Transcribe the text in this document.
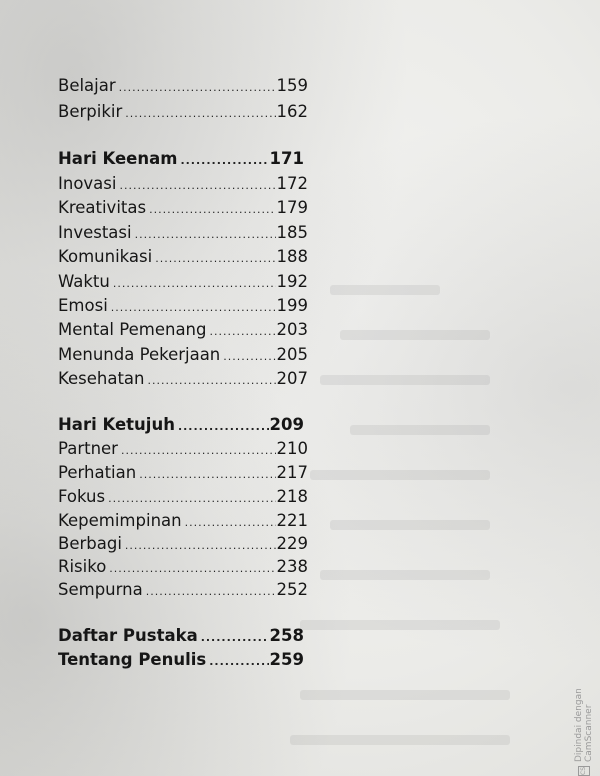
Belajar .....	159
Berpikir .....	162
Hari Keenam .....	171
Inovasi .....	172
Kreativitas .....	179
Investasi .....	185
Komunikasi .....	188
Waktu .....	192
Emosi .....	199
Mental Pemenang .....	203
Menunda Pekerjaan .....	205
Kesehatan .....	207
Hari Ketujuh .....	209
Partner .....	210
Perhatian .....	217
Fokus .....	218
Kepemimpinan .....	221
Berbagi .....	229
Risiko .....	238
Sempurna .....	252
Daftar Pustaka .....	258
Tentang Penulis .....	259
CS
Dipindai dengan CamScanner
